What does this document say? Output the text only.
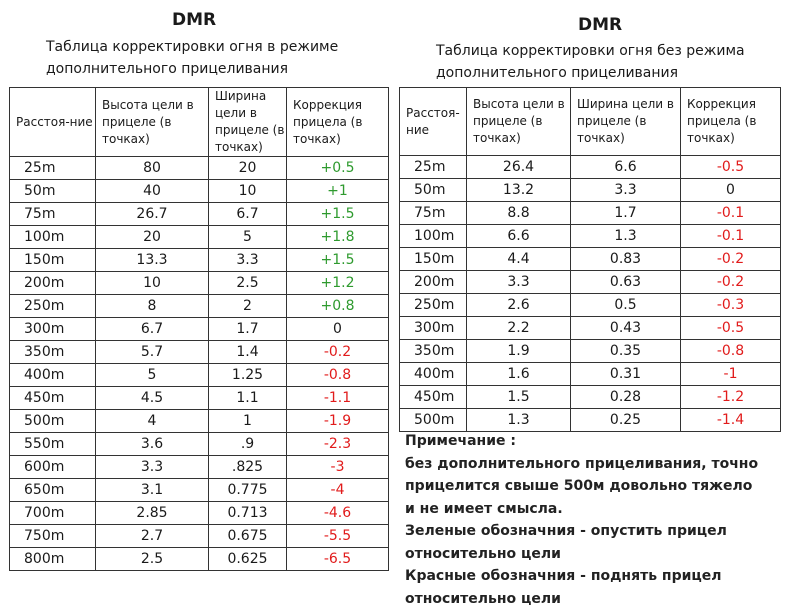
DMR
Таблица корректировки огня в режиме
дополнительного прицеливания
DMR
Таблица корректировки огня без режима
дополнительного прицеливания
Расстоя-ние	Высота цели в прицеле (в точках)	Ширина цели в прицеле (в точках)	Коррекция прицела (в точках)
25m	80	20	+0.5
50m	40	10	+1
75m	26.7	6.7	+1.5
100m	20	5	+1.8
150m	13.3	3.3	+1.5
200m	10	2.5	+1.2
250m	8	2	+0.8
300m	6.7	1.7	0
350m	5.7	1.4	-0.2
400m	5	1.25	-0.8
450m	4.5	1.1	-1.1
500m	4	1	-1.9
550m	3.6	.9	-2.3
600m	3.3	.825	-3
650m	3.1	0.775	-4
700m	2.85	0.713	-4.6
750m	2.7	0.675	-5.5
800m	2.5	0.625	-6.5
Расстоя-ние	Высота цели в прицеле (в точках)	Ширина цели в прицеле (в точках)	Коррекция прицела (в точках)
25m	26.4	6.6	-0.5
50m	13.2	3.3	0
75m	8.8	1.7	-0.1
100m	6.6	1.3	-0.1
150m	4.4	0.83	-0.2
200m	3.3	0.63	-0.2
250m	2.6	0.5	-0.3
300m	2.2	0.43	-0.5
350m	1.9	0.35	-0.8
400m	1.6	0.31	-1
450m	1.5	0.28	-1.2
500m	1.3	0.25	-1.4
Примечание :
без дополнительного прицеливания, точно
прицелится свыше 500м довольно тяжело
и не имеет смысла.
Зеленые обозначния - опустить прицел
относительно цели
Красные обозначния - поднять прицел
относительно цели
